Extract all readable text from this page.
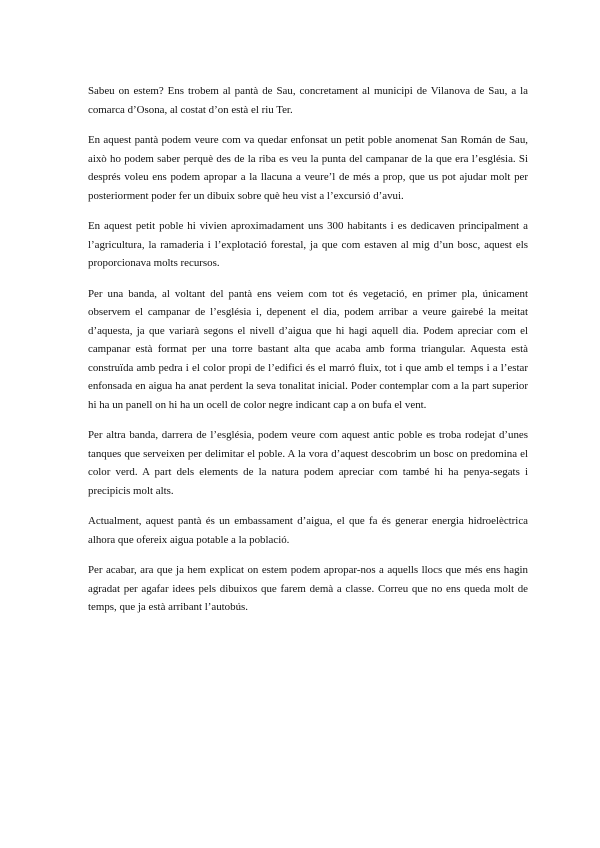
Sabeu on estem? Ens trobem al pantà de Sau, concretament al municipi de Vilanova de Sau, a la comarca d’Osona, al costat d’on està el riu Ter.

En aquest pantà podem veure com va quedar enfonsat un petit poble anomenat San Román de Sau, això ho podem saber perquè des de la riba es veu la punta del campanar de la que era l’església. Si després voleu ens podem apropar a la llacuna a veure’l de més a prop, que us pot ajudar molt per posteriorment poder fer un dibuix sobre què heu vist a l’excursió d’avui.

En aquest petit poble hi vivien aproximadament uns 300 habitants i es dedicaven principalment a l’agricultura, la ramaderia i l’explotació forestal, ja que com estaven al mig d’un bosc, aquest els proporcionava molts recursos.

Per una banda, al voltant del pantà ens veiem com tot és vegetació, en primer pla, únicament observem el campanar de l’església i, depenent el dia, podem arribar a veure gairebé la meitat d’aquesta, ja que variarà segons el nivell d’aigua que hi hagi aquell dia. Podem apreciar com el campanar està format per una torre bastant alta que acaba amb forma triangular. Aquesta està construïda amb pedra i el color propi de l’edifici és el marró fluix, tot i que amb el temps i a l’estar enfonsada en aigua ha anat perdent la seva tonalitat inicial. Poder contemplar com a la part superior hi ha un panell on hi ha un ocell de color negre indicant cap a on bufa el vent.

Per altra banda, darrera de l’església, podem veure com aquest antic poble es troba rodejat d’unes tanques que serveixen per delimitar el poble. A la vora d’aquest descobrim un bosc on predomina el color verd. A part dels elements de la natura podem apreciar com també hi ha penya-segats i precipicis molt alts.

Actualment, aquest pantà és un embassament d’aigua, el que fa és generar energia hidroelèctrica alhora que ofereix aigua potable a la població.

Per acabar, ara que ja hem explicat on estem podem apropar-nos a aquells llocs que més ens hagin agradat per agafar idees pels dibuixos que farem demà a classe. Correu que no ens queda molt de temps, que ja està arribant l’autobús.
